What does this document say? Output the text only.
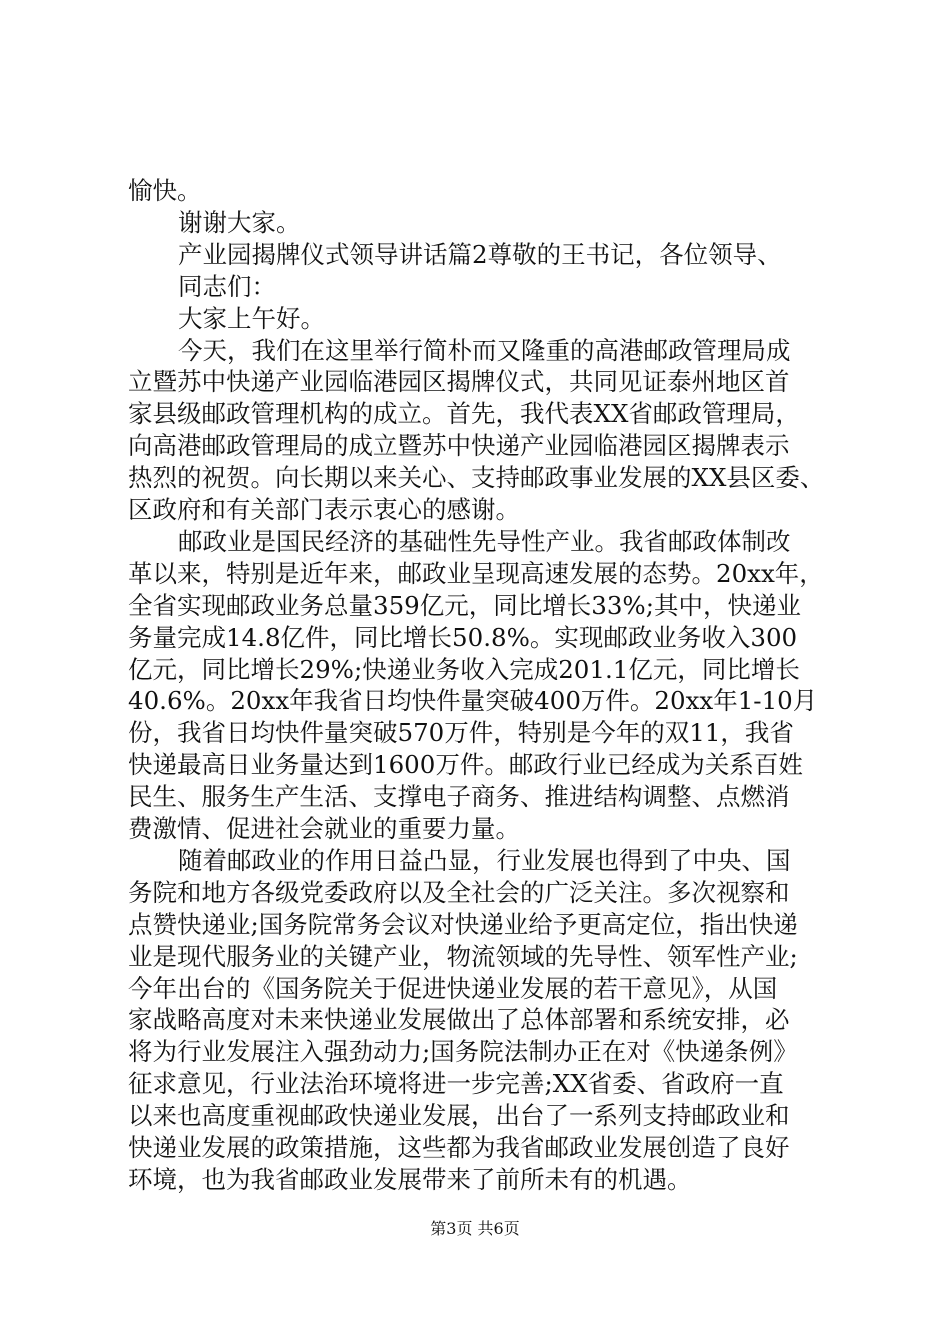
愉快。
谢谢大家。
产业园揭牌仪式领导讲话篇2尊敬的王书记，各位领导、
同志们：
大家上午好。
今天，我们在这里举行简朴而又隆重的高港邮政管理局成
立暨苏中快递产业园临港园区揭牌仪式，共同见证泰州地区首
家县级邮政管理机构的成立。首先，我代表XX省邮政管理局，
向高港邮政管理局的成立暨苏中快递产业园临港园区揭牌表示
热烈的祝贺。向长期以来关心、支持邮政事业发展的XX县区委、
区政府和有关部门表示衷心的感谢。
邮政业是国民经济的基础性先导性产业。我省邮政体制改
革以来，特别是近年来，邮政业呈现高速发展的态势。20xx年，
全省实现邮政业务总量359亿元，同比增长33%;其中，快递业
务量完成14.8亿件，同比增长50.8%。实现邮政业务收入300
亿元，同比增长29%;快递业务收入完成201.1亿元，同比增长
40.6%。20xx年我省日均快件量突破400万件。20xx年1-10月
份，我省日均快件量突破570万件，特别是今年的双11，我省
快递最高日业务量达到1600万件。邮政行业已经成为关系百姓
民生、服务生产生活、支撑电子商务、推进结构调整、点燃消
费激情、促进社会就业的重要力量。
随着邮政业的作用日益凸显，行业发展也得到了中央、国
务院和地方各级党委政府以及全社会的广泛关注。多次视察和
点赞快递业;国务院常务会议对快递业给予更高定位，指出快递
业是现代服务业的关键产业，物流领域的先导性、领军性产业;
今年出台的《国务院关于促进快递业发展的若干意见》，从国
家战略高度对未来快递业发展做出了总体部署和系统安排，必
将为行业发展注入强劲动力;国务院法制办正在对《快递条例》
征求意见，行业法治环境将进一步完善;XX省委、省政府一直
以来也高度重视邮政快递业发展，出台了一系列支持邮政业和
快递业发展的政策措施，这些都为我省邮政业发展创造了良好
环境，也为我省邮政业发展带来了前所未有的机遇。
第3页 共6页
